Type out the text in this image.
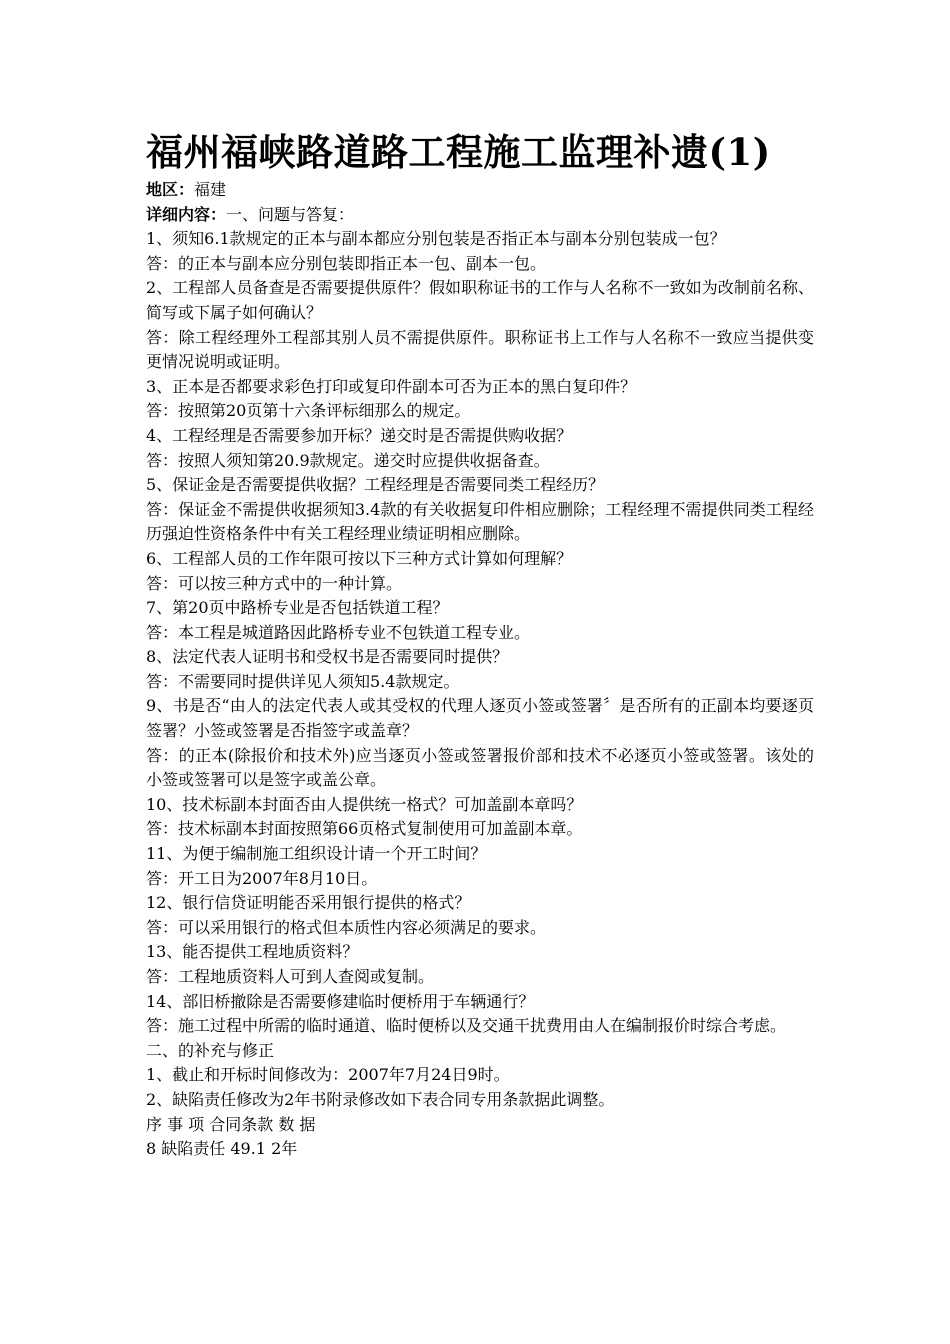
福州福峡路道路工程施工监理补遗(1)

地区：福建

详细内容：一、问题与答复：

1、须知6.1款规定的正本与副本都应分别包装是否指正本与副本分别包装成一包？

答：的正本与副本应分别包装即指正本一包、副本一包。

2、工程部人员备查是否需要提供原件？假如职称证书的工作与人名称不一致如为改制前名称、简写或下属子如何确认？

答：除工程经理外工程部其别人员不需提供原件。职称证书上工作与人名称不一致应当提供变更情况说明或证明。

3、正本是否都要求彩色打印或复印件副本可否为正本的黑白复印件？

答：按照第20页第十六条评标细那么的规定。

4、工程经理是否需要参加开标？递交时是否需提供购收据？

答：按照人须知第20.9款规定。递交时应提供收据备查。

5、保证金是否需要提供收据？工程经理是否需要同类工程经历？

答：保证金不需提供收据须知3.4款的有关收据复印件相应删除；工程经理不需提供同类工程经历强迫性资格条件中有关工程经理业绩证明相应删除。

6、工程部人员的工作年限可按以下三种方式计算如何理解？

答：可以按三种方式中的一种计算。

7、第20页中路桥专业是否包括铁道工程？

答：本工程是城道路因此路桥专业不包铁道工程专业。

8、法定代表人证明书和受权书是否需要同时提供？

答：不需要同时提供详见人须知5.4款规定。

9、书是否“由人的法定代表人或其受权的代理人逐页小签或签署〞是否所有的正副本均要逐页签署？小签或签署是否指签字或盖章？

答：的正本(除报价和技术外)应当逐页小签或签署报价部和技术不必逐页小签或签署。该处的小签或签署可以是签字或盖公章。

10、技术标副本封面否由人提供统一格式？可加盖副本章吗？

答：技术标副本封面按照第66页格式复制使用可加盖副本章。

11、为便于编制施工组织设计请一个开工时间？

答：开工日为2007年8月10日。

12、银行信贷证明能否采用银行提供的格式？

答：可以采用银行的格式但本质性内容必须满足的要求。

13、能否提供工程地质资料？

答：工程地质资料人可到人查阅或复制。

14、部旧桥撤除是否需要修建临时便桥用于车辆通行？

答：施工过程中所需的临时通道、临时便桥以及交通干扰费用由人在编制报价时综合考虑。

二、的补充与修正

1、截止和开标时间修改为：2007年7月24日9时。

2、缺陷责任修改为2年书附录修改如下表合同专用条款据此调整。

序 事 项 合同条款 数 据

8 缺陷责任 49.1 2年
